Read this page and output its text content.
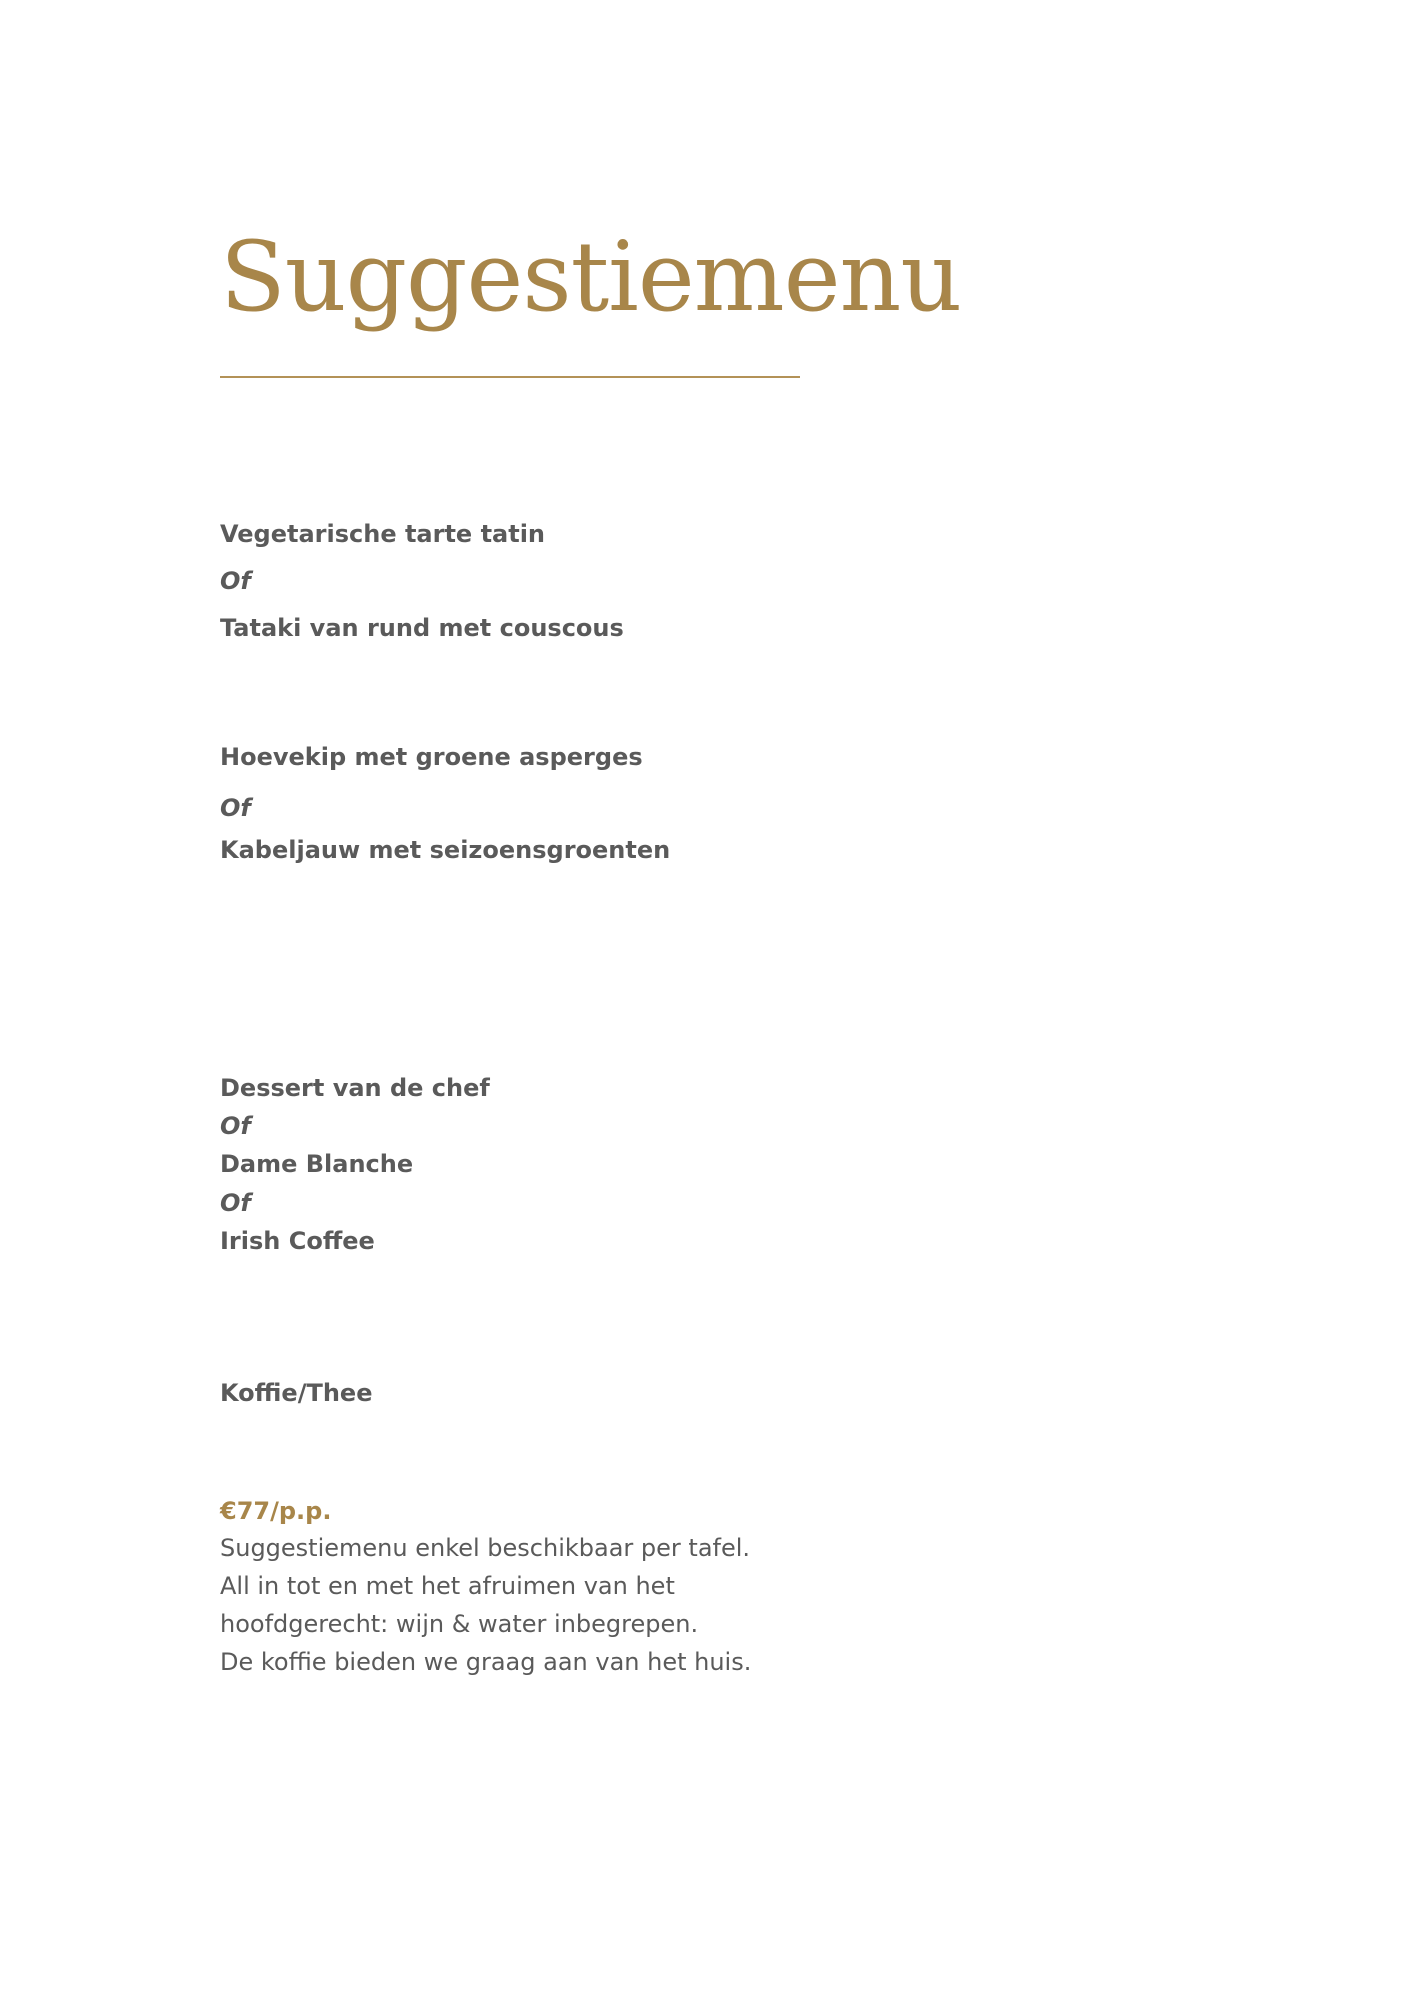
Suggestiemenu

Vegetarische tarte tatin

Of

Tataki van rund met couscous

Hoevekip met groene asperges

Of

Kabeljauw met seizoensgroenten

Dessert van de chef

Of

Dame Blanche

Of

Irish Coffee

Koffie/Thee

€77/p.p.

Suggestiemenu enkel beschikbaar per tafel.

All in tot en met het afruimen van het

hoofdgerecht: wijn & water inbegrepen.

De koffie bieden we graag aan van het huis.
